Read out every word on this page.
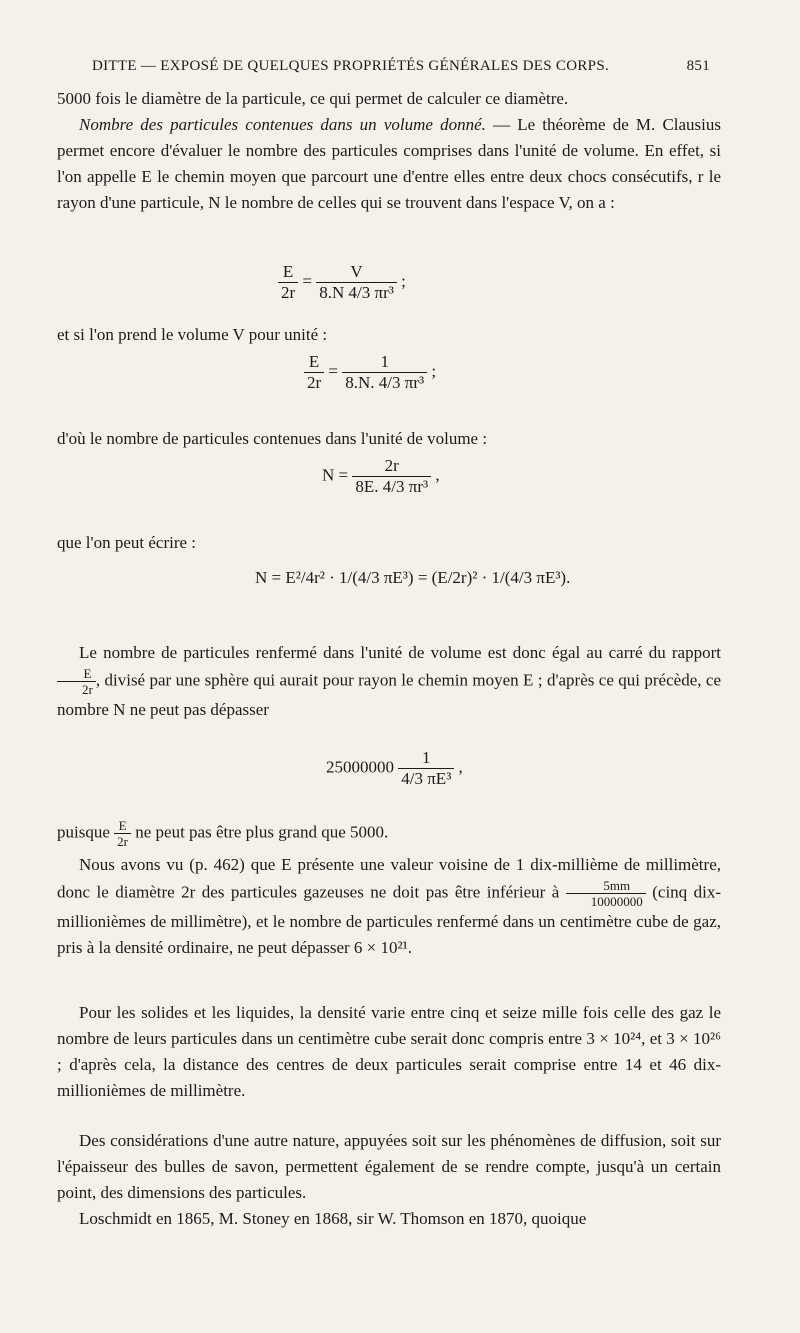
DITTE — EXPOSÉ DE QUELQUES PROPRIÉTÉS GÉNÉRALES DES CORPS.	851
5000 fois le diamètre de la particule, ce qui permet de calculer ce diamètre.
Nombre des particules contenues dans un volume donné. — Le théorème de M. Clausius permet encore d'évaluer le nombre des particules comprises dans l'unité de volume. En effet, si l'on appelle E le chemin moyen que parcourt une d'entre elles entre deux chocs consécutifs, r le rayon d'une particule, N le nombre de celles qui se trouvent dans l'espace V, on a :
$\frac{E}{2r} = \frac{V}{\text{8.N 4/3 πr³}}$ ;
et si l'on prend le volume V pour unité :
$\frac{E}{2r} = \frac{1}{\text{8.N. 4/3 πr³}}$ ;
d'où le nombre de particules contenues dans l'unité de volume :
$N = \frac{2r}{\text{8E. 4/3 πr³}}$ ,
que l'on peut écrire :
N = E²/4r² · 1/(4/3 πE³) = (E/2r)² · 1/(4/3 πE³).
Le nombre de particules renfermé dans l'unité de volume est donc égal au carré du rapport
$\frac{E}{2r}$ , divisé par une sphère qui aurait pour rayon le chemin moyen E ; d'après ce qui précède, ce nombre N ne peut pas dépasser
$25000000 \frac{1}{\text{4/3 πE³}}$ ,
puisque $\frac{E}{2r}$ ne peut pas être plus grand que 5000.
Nous avons vu (p. 462) que E présente une valeur voisine de 1 dix-millième de millimètre, donc le diamètre 2r des particules gazeuses ne doit pas être inférieur à $\frac{5mm}{10000000}$ (cinq dix-millionièmes de millimètre), et le nombre de particules renfermé dans un centimètre cube de gaz, pris à la densité ordinaire, ne peut dépasser 6 × 10²¹.
Pour les solides et les liquides, la densité varie entre cinq et seize mille fois celle des gaz le nombre de leurs particules dans un centimètre cube serait donc compris entre 3 × 10²⁴, et 3 × 10²⁶ ; d'après cela, la distance des centres de deux particules serait comprise entre 14 et 46 dix-millionièmes de millimètre.
Des considérations d'une autre nature, appuyées soit sur les phénomènes de diffusion, soit sur l'épaisseur des bulles de savon, permettent également de se rendre compte, jusqu'à un certain point, des dimensions des particules.
Loschmidt en 1865, M. Stoney en 1868, sir W. Thomson en 1870, quoique
